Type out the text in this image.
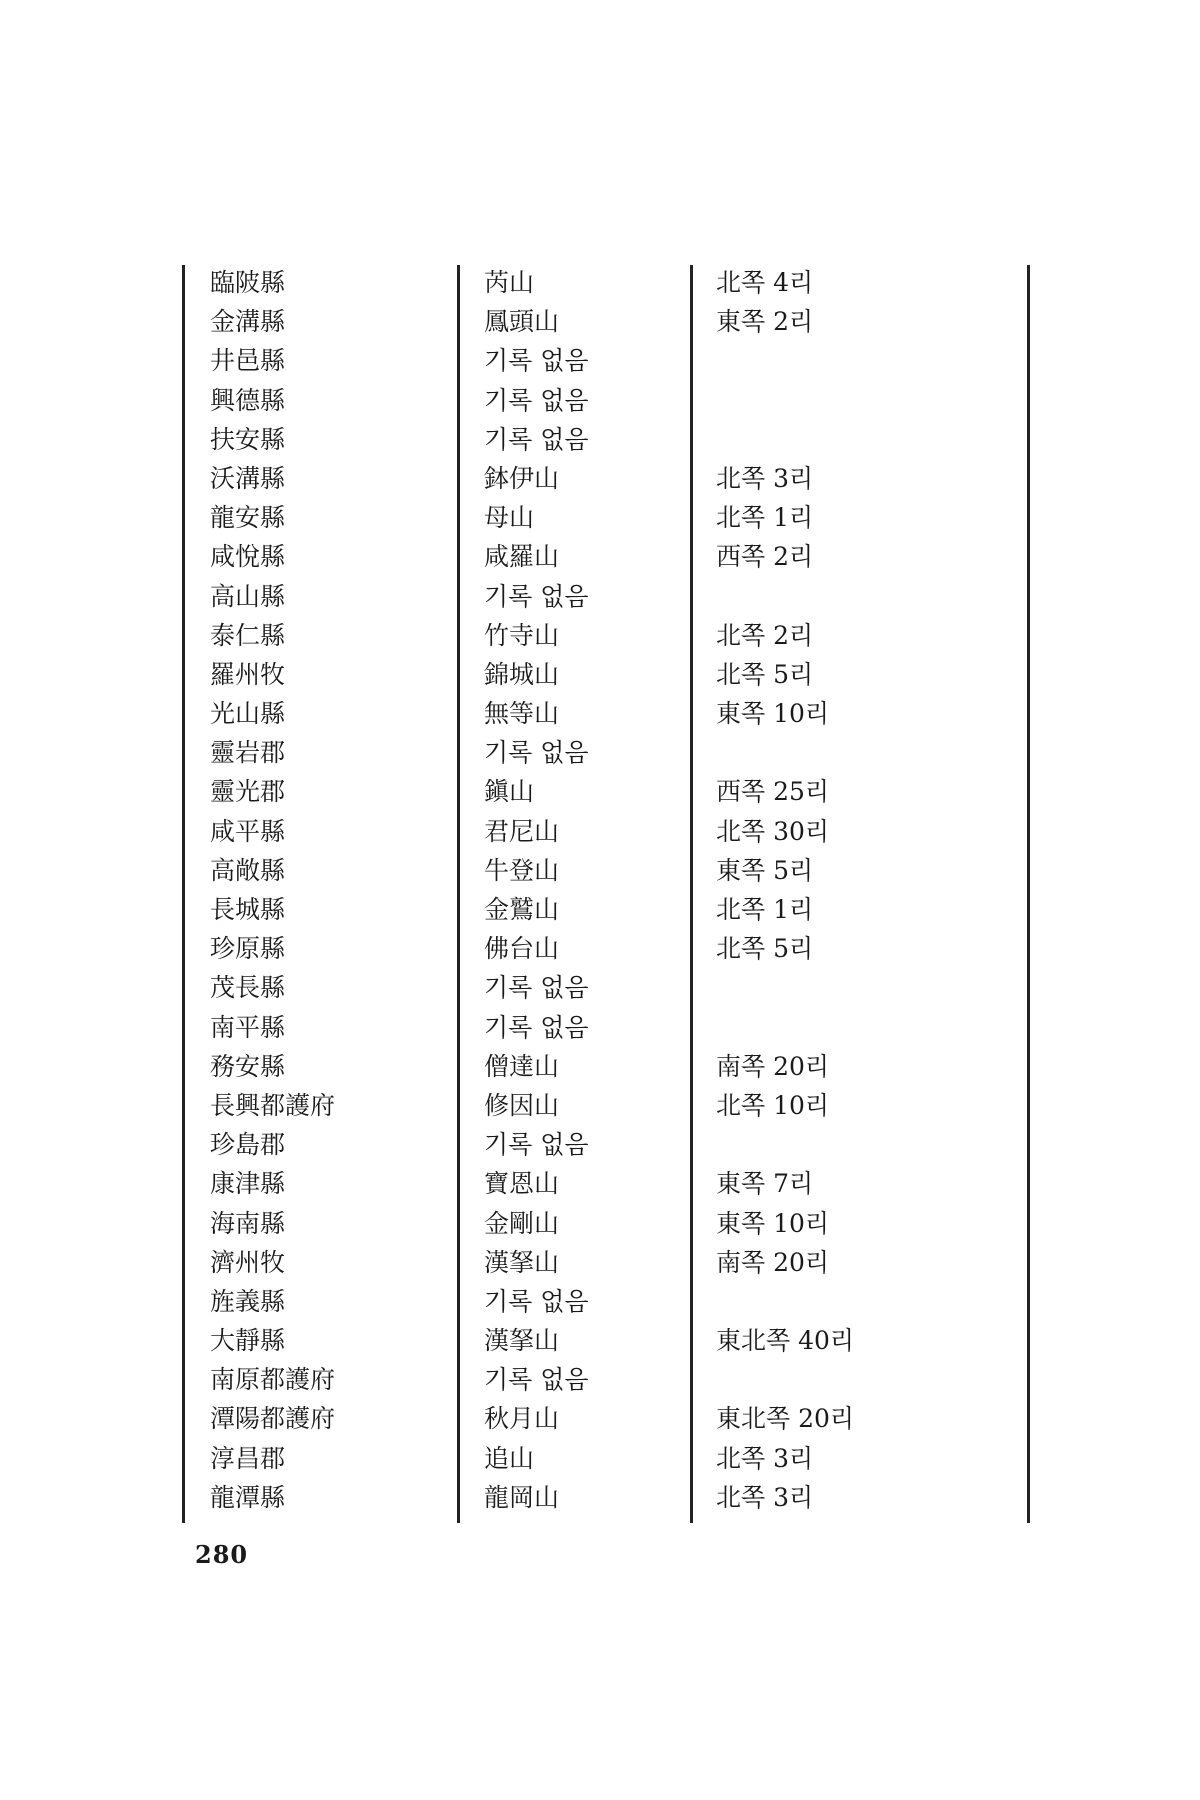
臨陂縣	芮山	北쪽 4리
金溝縣	鳳頭山	東쪽 2리
井邑縣	기록 없음
興德縣	기록 없음
扶安縣	기록 없음
沃溝縣	鉢伊山	北쪽 3리
龍安縣	母山	北쪽 1리
咸悅縣	咸羅山	西쪽 2리
高山縣	기록 없음
泰仁縣	竹寺山	北쪽 2리
羅州牧	錦城山	北쪽 5리
光山縣	無等山	東쪽 10리
靈岩郡	기록 없음
靈光郡	鎭山	西쪽 25리
咸平縣	君尼山	北쪽 30리
高敞縣	牛登山	東쪽 5리
長城縣	金鷲山	北쪽 1리
珍原縣	佛台山	北쪽 5리
茂長縣	기록 없음
南平縣	기록 없음
務安縣	僧達山	南쪽 20리
長興都護府	修因山	北쪽 10리
珍島郡	기록 없음
康津縣	寶恩山	東쪽 7리
海南縣	金剛山	東쪽 10리
濟州牧	漢拏山	南쪽 20리
旌義縣	기록 없음
大靜縣	漢拏山	東北쪽 40리
南原都護府	기록 없음
潭陽都護府	秋月山	東北쪽 20리
淳昌郡	追山	北쪽 3리
龍潭縣	龍岡山	北쪽 3리
280
